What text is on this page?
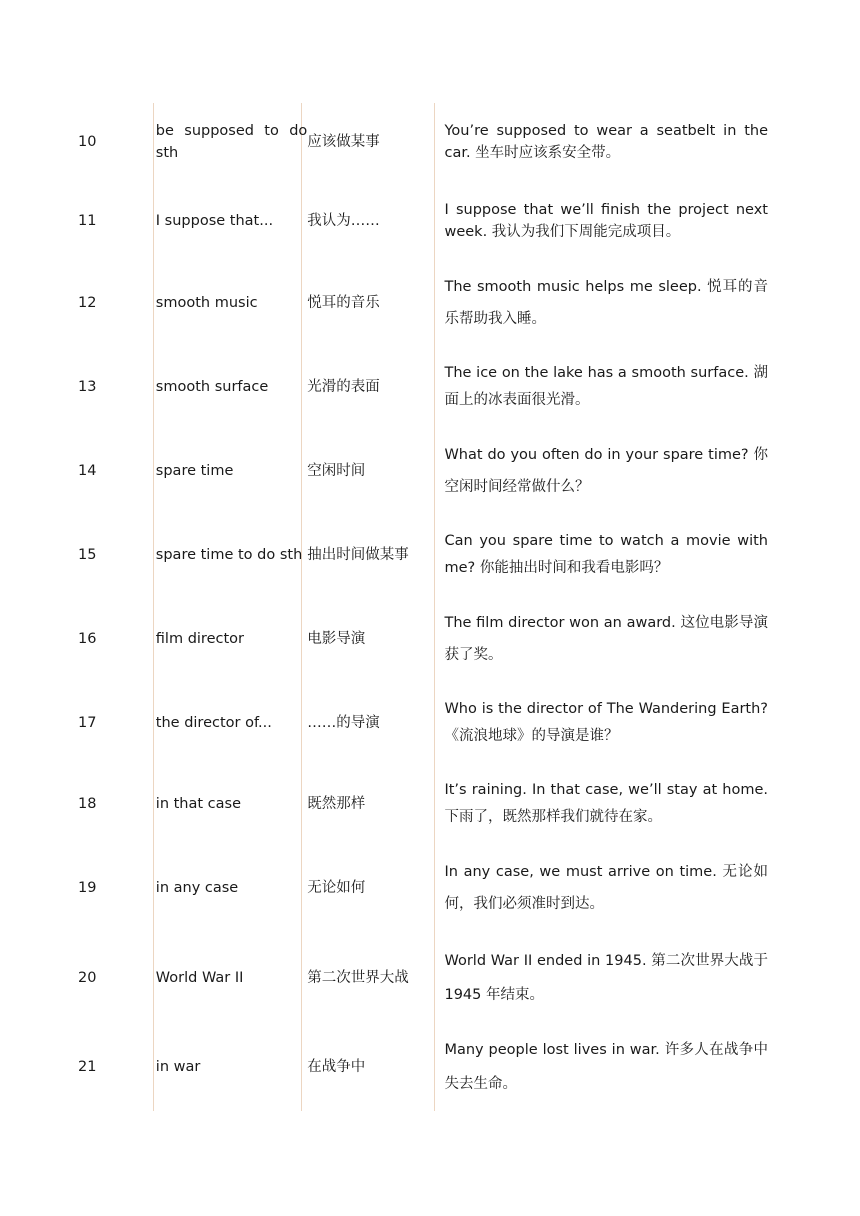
10	be supposed to do sth	应该做某事	You’re supposed to wear a seatbelt in the car. 坐车时应该系安全带。
11	I suppose that...	我认为……	I suppose that we’ll finish the project next week. 我认为我们下周能完成项目。
12	smooth music	悦耳的音乐	The smooth music helps me sleep. 悦耳的音乐帮助我入睡。
13	smooth surface	光滑的表面	The ice on the lake has a smooth surface. 湖面上的冰表面很光滑。
14	spare time	空闲时间	What do you often do in your spare time? 你空闲时间经常做什么？
15	spare time to do sth	抽出时间做某事	Can you spare time to watch a movie with me? 你能抽出时间和我看电影吗？
16	film director	电影导演	The film director won an award. 这位电影导演获了奖。
17	the director of...	……的导演	Who is the director of The Wandering Earth? 《流浪地球》的导演是谁？
18	in that case	既然那样	It’s raining. In that case, we’ll stay at home. 下雨了，既然那样我们就待在家。
19	in any case	无论如何	In any case, we must arrive on time. 无论如何，我们必须准时到达。
20	World War II	第二次世界大战	World War II ended in 1945. 第二次世界大战于 1945 年结束。
21	in war	在战争中	Many people lost lives in war. 许多人在战争中失去生命。
